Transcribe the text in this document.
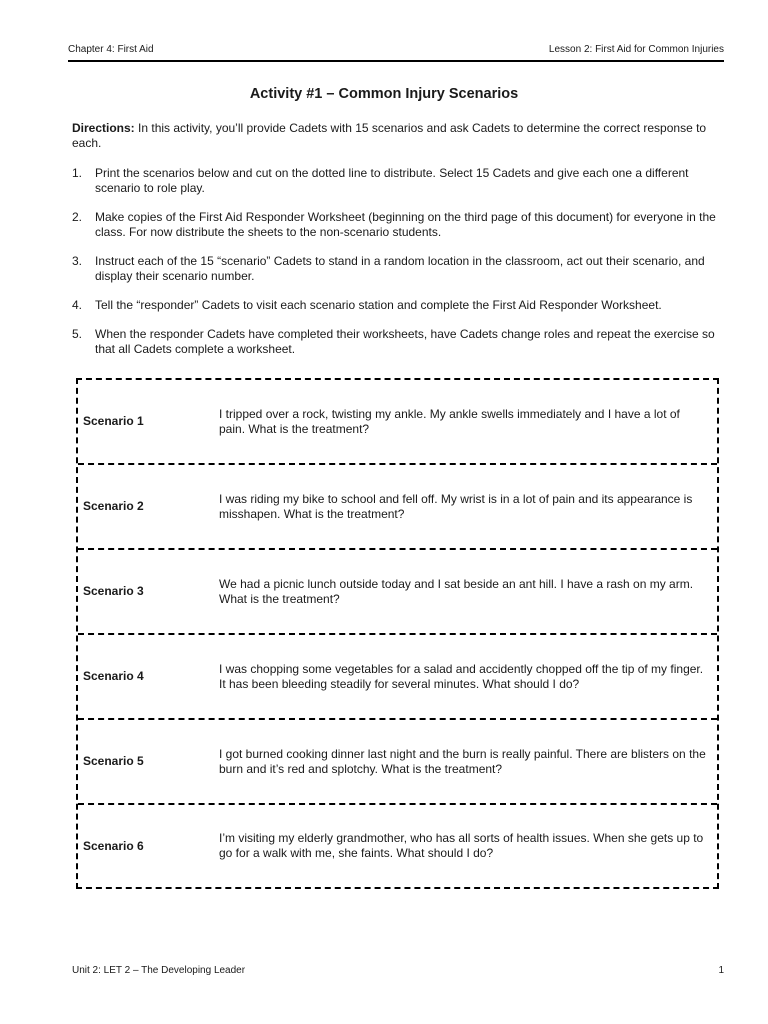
Chapter 4: First Aid	Lesson 2: First Aid for Common Injuries
Activity #1 – Common Injury Scenarios
Directions: In this activity, you’ll provide Cadets with 15 scenarios and ask Cadets to determine the correct response to each.
1.	Print the scenarios below and cut on the dotted line to distribute. Select 15 Cadets and give each one a different scenario to role play.
2.	Make copies of the First Aid Responder Worksheet (beginning on the third page of this document) for everyone in the class. For now distribute the sheets to the non-scenario students.
3.	Instruct each of the 15 “scenario” Cadets to stand in a random location in the classroom, act out their scenario, and display their scenario number.
4.	Tell the “responder” Cadets to visit each scenario station and complete the First Aid Responder Worksheet.
5.	When the responder Cadets have completed their worksheets, have Cadets change roles and repeat the exercise so that all Cadets complete a worksheet.
Scenario 1
I tripped over a rock, twisting my ankle. My ankle swells immediately and I have a lot of pain. What is the treatment?
Scenario 2
I was riding my bike to school and fell off. My wrist is in a lot of pain and its appearance is misshapen. What is the treatment?
Scenario 3
We had a picnic lunch outside today and I sat beside an ant hill. I have a rash on my arm. What is the treatment?
Scenario 4
I was chopping some vegetables for a salad and accidently chopped off the tip of my finger. It has been bleeding steadily for several minutes. What should I do?
Scenario 5
I got burned cooking dinner last night and the burn is really painful. There are blisters on the burn and it’s red and splotchy. What is the treatment?
Scenario 6
I’m visiting my elderly grandmother, who has all sorts of health issues. When she gets up to go for a walk with me, she faints. What should I do?
Unit 2: LET 2 – The Developing Leader	1
